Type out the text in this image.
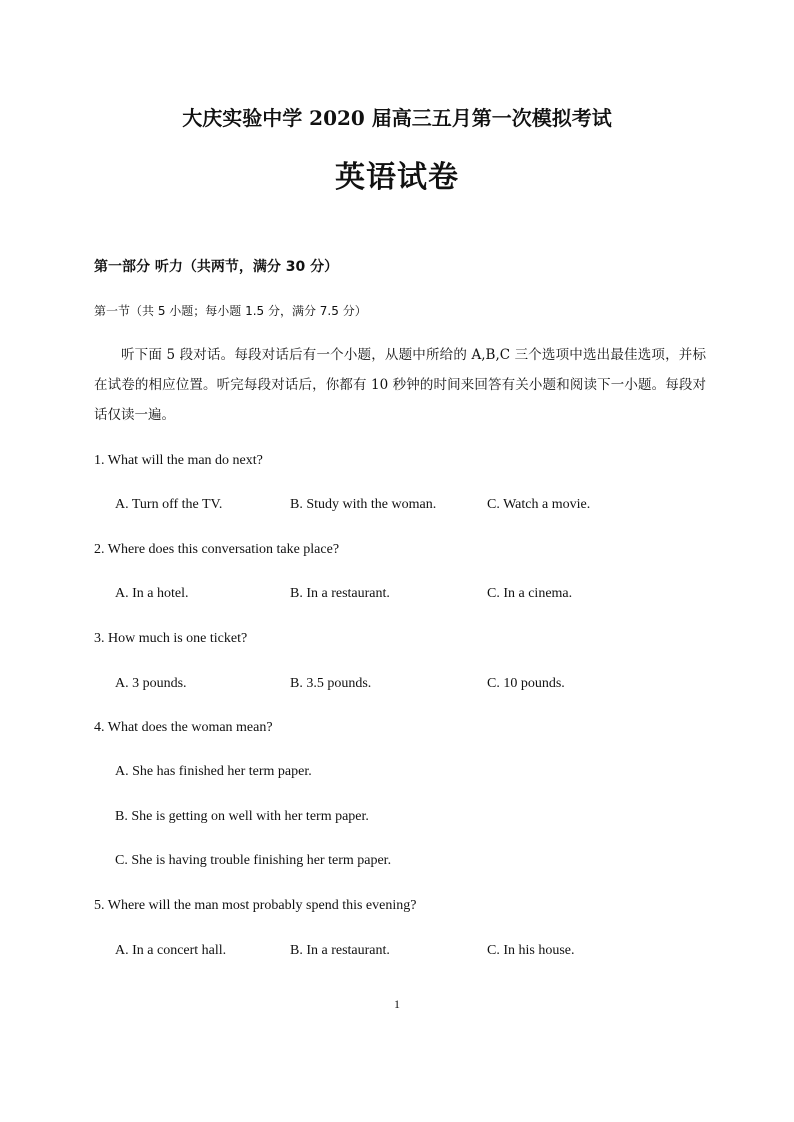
大庆实验中学 2020 届高三五月第一次模拟考试
英语试卷
第一部分 听力（共两节，满分 30 分）
第一节（共 5 小题；每小题 1.5 分，满分 7.5 分）
听下面 5 段对话。每段对话后有一个小题，从题中所给的 A,B,C 三个选项中选出最佳选项，并标在试卷的相应位置。听完每段对话后，你都有 10 秒钟的时间来回答有关小题和阅读下一小题。每段对话仅读一遍。
1. What will the man do next?
A. Turn off the TV.	B. Study with the woman.	C. Watch a movie.
2. Where does this conversation take place?
A. In a hotel.	B. In a restaurant.	C. In a cinema.
3. How much is one ticket?
A. 3 pounds.	B. 3.5 pounds.	C. 10 pounds.
4. What does the woman mean?
A. She has finished her term paper.
B. She is getting on well with her term paper.
C. She is having trouble finishing her term paper.
5. Where will the man most probably spend this evening?
A. In a concert hall.	B. In a restaurant.	C. In his house.
1
